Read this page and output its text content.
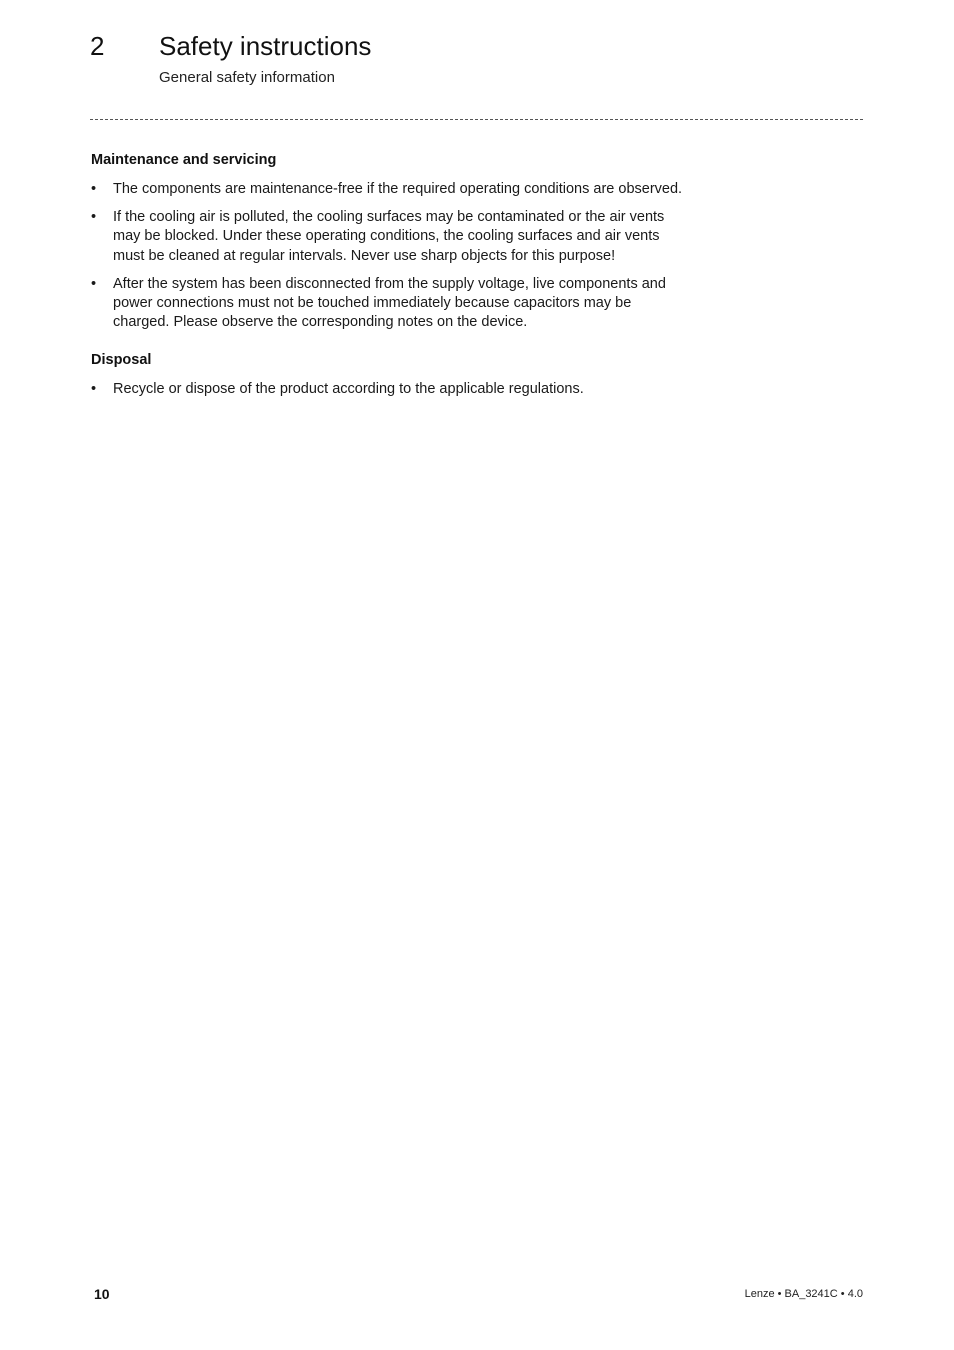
2 Safety instructions
General safety information
Maintenance and servicing
•	The components are maintenance-free if the required operating conditions are observed.
•	If the cooling air is polluted, the cooling surfaces may be contaminated or the air vents may be blocked. Under these operating conditions, the cooling surfaces and air vents must be cleaned at regular intervals. Never use sharp objects for this purpose!
•	After the system has been disconnected from the supply voltage, live components and power connections must not be touched immediately because capacitors may be charged. Please observe the corresponding notes on the device.
Disposal
•	Recycle or dispose of the product according to the applicable regulations.
10	Lenze • BA_3241C • 4.0
